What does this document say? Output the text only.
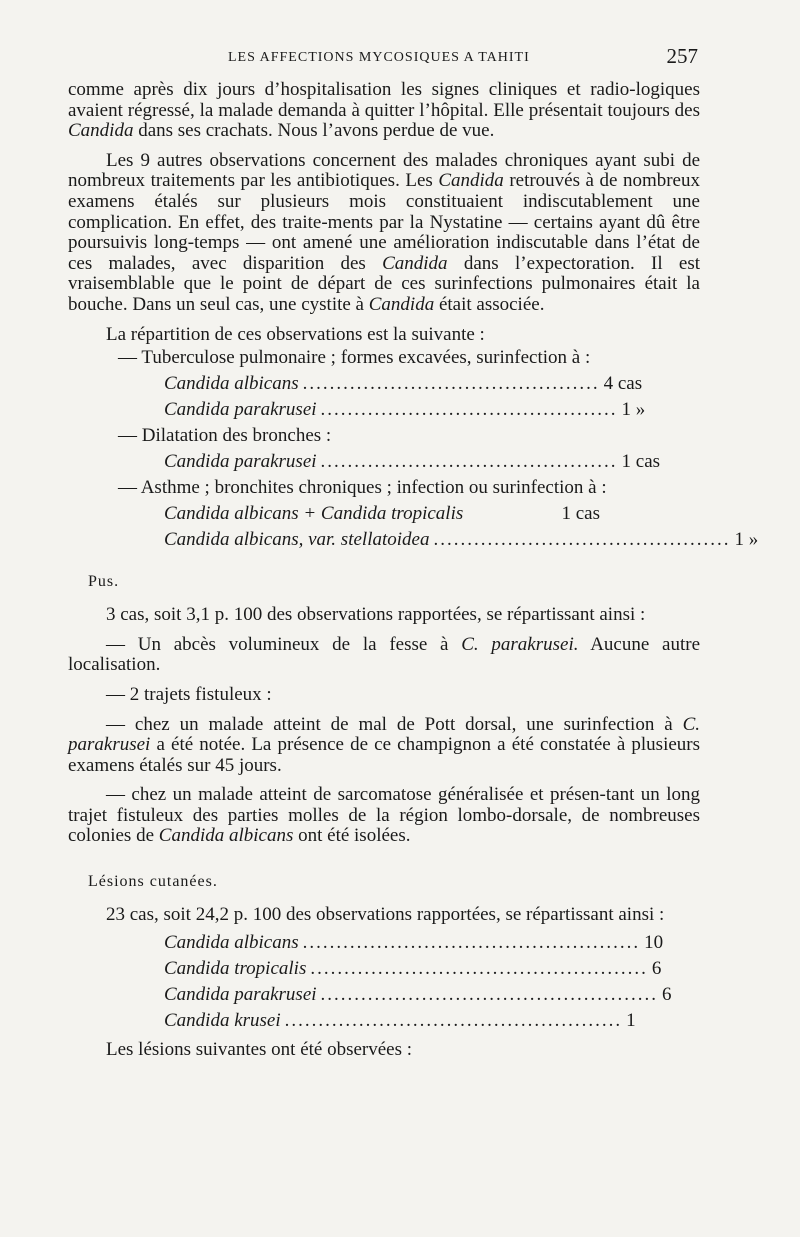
LES AFFECTIONS MYCOSIQUES A TAHITI	257

comme après dix jours d’hospitalisation les signes cliniques et radio-logiques avaient régressé, la malade demanda à quitter l’hôpital. Elle présentait toujours des Candida dans ses crachats. Nous l’avons perdue de vue.

Les 9 autres observations concernent des malades chroniques ayant subi de nombreux traitements par les antibiotiques. Les Candida retrouvés à de nombreux examens étalés sur plusieurs mois constituaient indiscutablement une complication. En effet, des traite-ments par la Nystatine — certains ayant dû être poursuivis long-temps — ont amené une amélioration indiscutable dans l’état de ces malades, avec disparition des Candida dans l’expectoration. Il est vraisemblable que le point de départ de ces surinfections pulmonaires était la bouche. Dans un seul cas, une cystite à Candida était associée.

La répartition de ces observations est la suivante :

— Tuberculose pulmonaire ; formes excavées, surinfection à :
Candida albicans ............................................ 4 cas
Candida parakrusei ............................................ 1 »
— Dilatation des bronches :
Candida parakrusei ............................................ 1 cas
— Asthme ; bronchites chroniques ; infection ou surinfection à :
Candida albicans + Candida tropicalis	1 cas
Candida albicans, var. stellatoidea ............................................ 1 »
Pus.

3 cas, soit 3,1 p. 100 des observations rapportées, se répartissant ainsi :

— Un abcès volumineux de la fesse à C. parakrusei. Aucune autre localisation.

— 2 trajets fistuleux :

— chez un malade atteint de mal de Pott dorsal, une surinfection à C. parakrusei a été notée. La présence de ce champignon a été constatée à plusieurs examens étalés sur 45 jours.

— chez un malade atteint de sarcomatose généralisée et présen-tant un long trajet fistuleux des parties molles de la région lombo-dorsale, de nombreuses colonies de Candida albicans ont été isolées.

Lésions cutanées.

23 cas, soit 24,2 p. 100 des observations rapportées, se répartissant ainsi :

Candida albicans .................................................. 10
Candida tropicalis .................................................. 6
Candida parakrusei .................................................. 6
Candida krusei .................................................. 1

Les lésions suivantes ont été observées :
